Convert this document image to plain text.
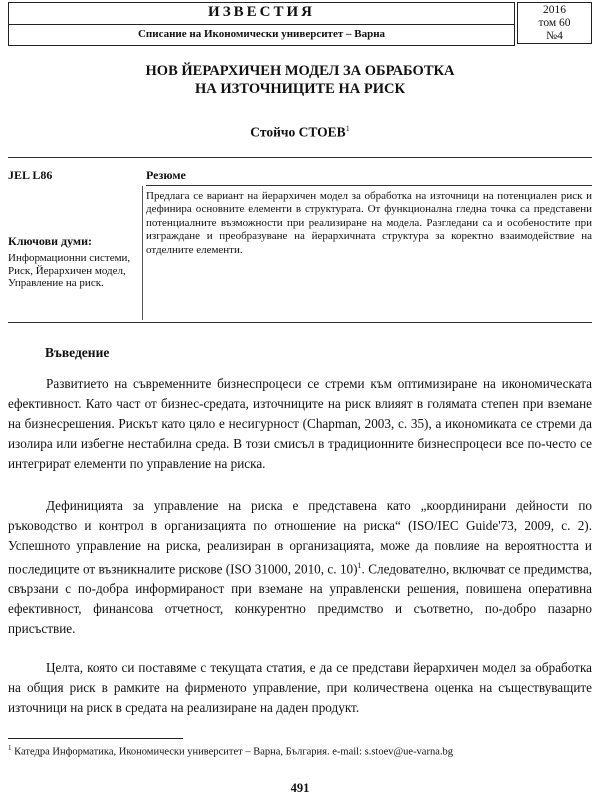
ИЗВЕСТИЯ
Списание на Икономически университет – Варна
2016
том 60
№4
НОВ ЙЕРАРХИЧЕН МОДЕЛ ЗА ОБРАБОТКА
НА ИЗТОЧНИЦИТЕ НА РИСК
Стойчо СТОЕВ$^1$
JEL L86	Резюме
Предлага се вариант на йерархичен модел за обработка на източници на потенциален риск и дефинира основните елементи в структурата. От функционална гледна точка са представени потенциалните възможности при реализиране на модела. Разгледани са и особеностите при изграждане и преобразуване на йерархичната структура за коректно взаимодействие на отделните елементи.
Ключови думи:
Информационни системи, Риск, Йерархичен модел, Управление на риск.
Въведение
Развитието на съвременните бизнеспроцеси се стреми към оптимизиране на икономическата ефективност. Като част от бизнес-средата, източниците на риск влияят в голямата степен при вземане на бизнесрешения. Рискът като цяло е несигурност (Chapman, 2003, с. 35), а икономиката се стреми да изолира или избегне нестабилна среда. В този смисъл в традиционните бизнеспроцеси все по-често се интегрират елементи по управление на риска.
Дефиницията за управление на риска е представена като „координирани дейности по ръководство и контрол в организацията по отношение на риска“ (ISO/IEC Guide'73, 2009, с. 2). Успешното управление на риска, реализиран в организацията, може да повлияе на вероятността и последиците от възникналите рискове (ISO 31000, 2010, с. 10)$^1$. Следователно, включват се предимства, свързани с по-добра информираност при вземане на управленски решения, повишена оперативна ефективност, финансова отчетност, конкурентно предимство и съответно, по-добро пазарно присъствие.
Целта, която си поставяме с текущата статия, е да се представи йерархичен модел за обработка на общия риск в рамките на фирменото управление, при количествена оценка на съществуващите източници на риск в средата на реализиране на даден продукт.
$^1$ Катедра Информатика, Икономически университет – Варна, България. e-mail: s.stoev@ue-varna.bg
491
